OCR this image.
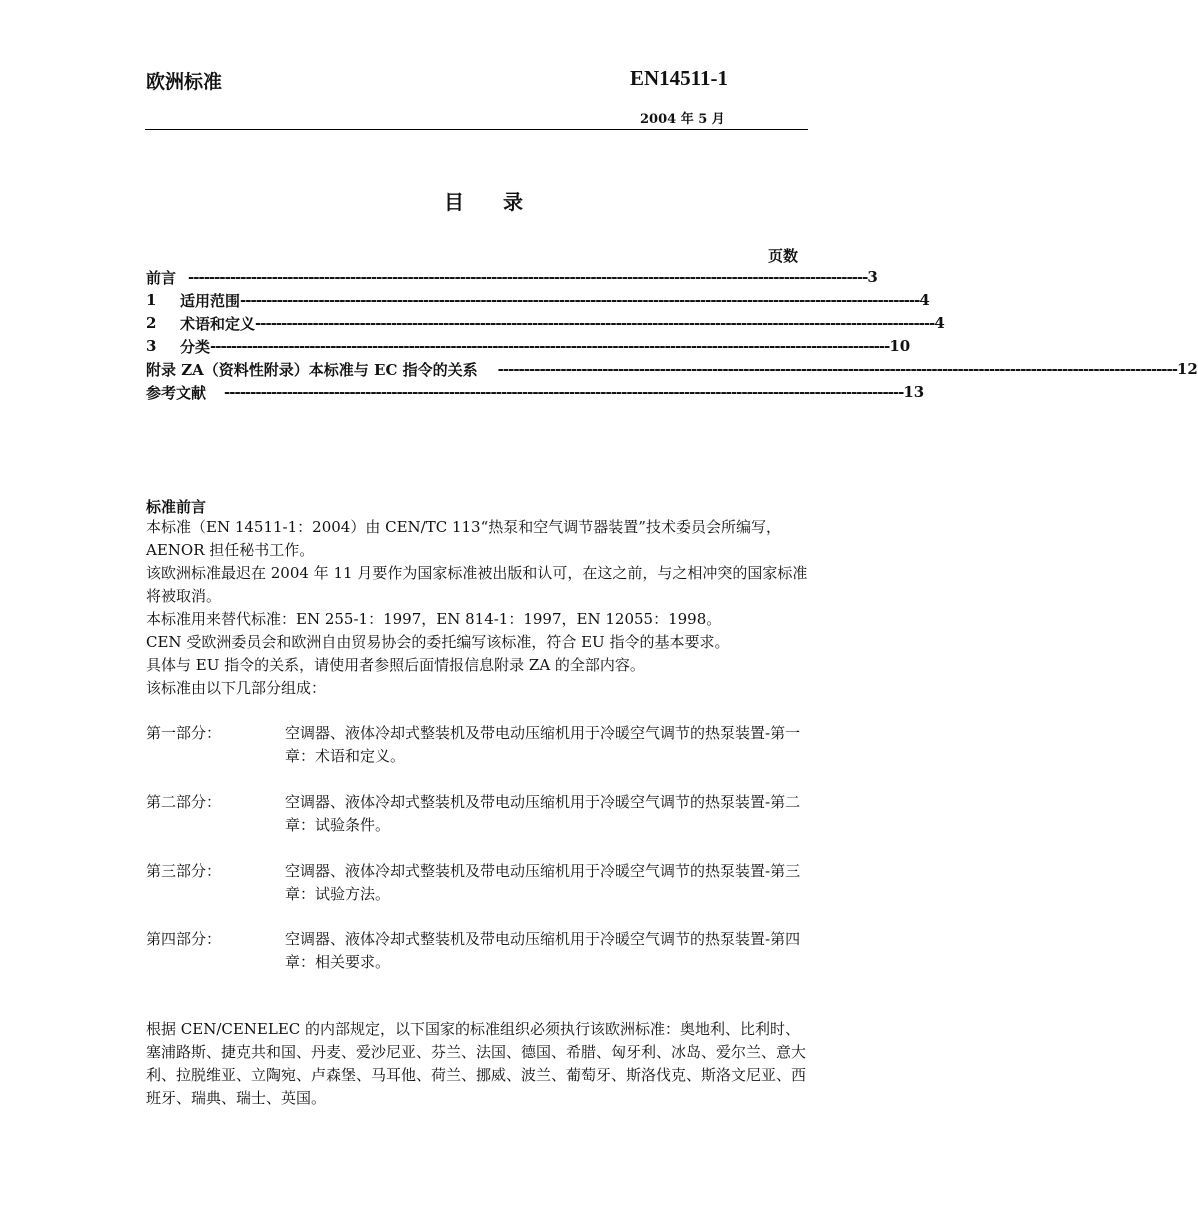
欧洲标准	EN14511-1
2004 年 5 月
目 录
页数
前言 ---------------------------------------------------------------------------------------------------------------------------------- 3
1	适用范围 ---------------------------------------------------------------------------------------------------------------------------------- 4
2	术语和定义 ---------------------------------------------------------------------------------------------------------------------------------- 4
3	分类 ---------------------------------------------------------------------------------------------------------------------------------- 10
附录 ZA（资料性附录）本标准与 EC 指令的关系 ---------------------------------------------------------------------------------------------------------------------------------- 12
参考文献 ---------------------------------------------------------------------------------------------------------------------------------- 13
标准前言
本标准（EN 14511-1：2004）由 CEN/TC 113“热泵和空气调节器装置”技术委员会所编写，AENOR 担任秘书工作。
该欧洲标准最迟在 2004 年 11 月要作为国家标准被出版和认可，在这之前，与之相冲突的国家标准将被取消。
本标准用来替代标准：EN 255-1：1997，EN 814-1：1997，EN 12055：1998。
CEN 受欧洲委员会和欧洲自由贸易协会的委托编写该标准，符合 EU 指令的基本要求。
具体与 EU 指令的关系，请使用者参照后面情报信息附录 ZA 的全部内容。
该标准由以下几部分组成：
第一部分：	空调器、液体冷却式整装机及带电动压缩机用于冷暖空气调节的热泵装置-第一章：术语和定义。
第二部分：	空调器、液体冷却式整装机及带电动压缩机用于冷暖空气调节的热泵装置-第二章：试验条件。
第三部分：	空调器、液体冷却式整装机及带电动压缩机用于冷暖空气调节的热泵装置-第三章：试验方法。
第四部分：	空调器、液体冷却式整装机及带电动压缩机用于冷暖空气调节的热泵装置-第四章：相关要求。
根据 CEN/CENELEC 的内部规定，以下国家的标准组织必须执行该欧洲标准：奥地利、比利时、塞浦路斯、捷克共和国、丹麦、爱沙尼亚、芬兰、法国、德国、希腊、匈牙利、冰岛、爱尔兰、意大利、拉脱维亚、立陶宛、卢森堡、马耳他、荷兰、挪威、波兰、葡萄牙、斯洛伐克、斯洛文尼亚、西班牙、瑞典、瑞士、英国。
